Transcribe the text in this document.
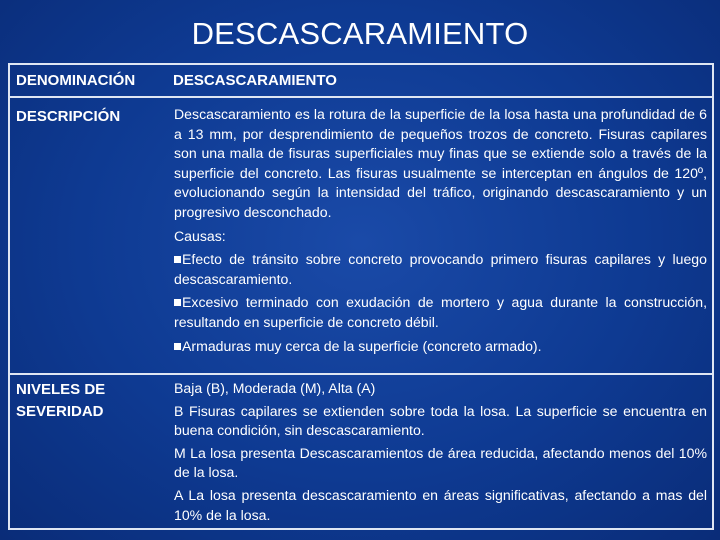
DESCASCARAMIENTO
DENOMINACIÓN	DESCASCARAMIENTO
DESCRIPCIÓN	Descascaramiento es la rotura de la superficie de la losa hasta una profundidad de 6 a 13 mm, por desprendimiento de pequeños trozos de concreto. Fisuras capilares son una malla de fisuras superficiales muy finas que se extiende solo a través de la superficie del concreto. Las fisuras usualmente se interceptan en ángulos de 120º, evolucionando según la intensidad del tráfico, originando descascaramiento y un progresivo desconchado.

Causas:

Efecto de tránsito sobre concreto provocando primero fisuras capilares y luego descascaramiento.

Excesivo terminado con exudación de mortero y agua durante la construcción, resultando en superficie de concreto débil.

Armaduras muy cerca de la superficie (concreto armado).

NIVELES DE
SEVERIDAD

Baja (B), Moderada (M), Alta (A)

B Fisuras capilares se extienden sobre toda la losa. La superficie se encuentra en buena condición, sin descascaramiento.

M La losa presenta Descascaramientos de área reducida, afectando menos del 10% de la losa.

A La losa presenta descascaramiento en áreas significativas, afectando a mas del 10% de la losa.
